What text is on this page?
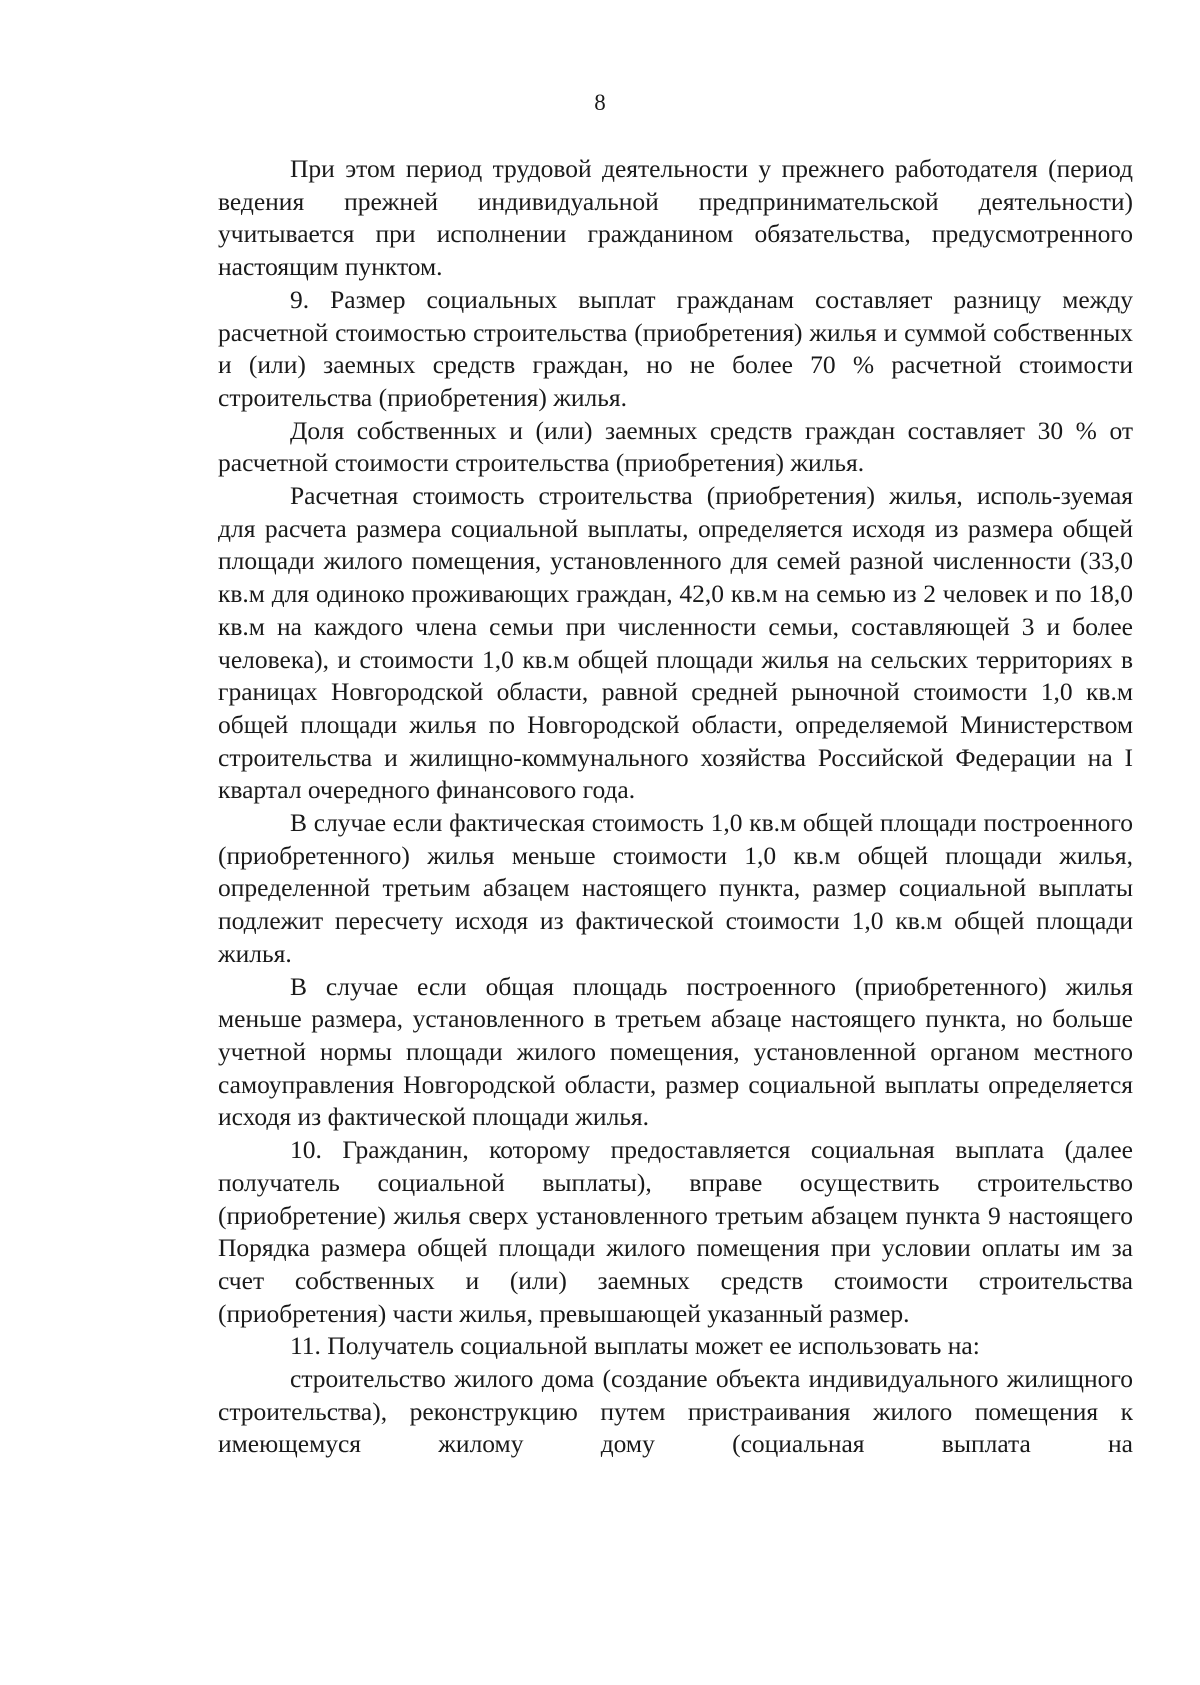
8

При этом период трудовой деятельности у прежнего работодателя (период ведения прежней индивидуальной предпринимательской деятельности) учитывается при исполнении гражданином обязательства, предусмотренного настоящим пунктом.

9. Размер социальных выплат гражданам составляет разницу между расчетной стоимостью строительства (приобретения) жилья и суммой собственных и (или) заемных средств граждан, но не более 70 % расчетной стоимости строительства (приобретения) жилья.

Доля собственных и (или) заемных средств граждан составляет 30 % от расчетной стоимости строительства (приобретения) жилья.

Расчетная стоимость строительства (приобретения) жилья, исполь-зуемая для расчета размера социальной выплаты, определяется исходя из размера общей площади жилого помещения, установленного для семей разной численности (33,0 кв.м для одиноко проживающих граждан, 42,0 кв.м на семью из 2 человек и по 18,0 кв.м на каждого члена семьи при численности семьи, составляющей 3 и более человека), и стоимости 1,0 кв.м общей площади жилья на сельских территориях в границах Новгородской области, равной средней рыночной стоимости 1,0 кв.м общей площади жилья по Новгородской области, определяемой Министерством строительства и жилищно-коммунального хозяйства Российской Федерации на I квартал очередного финансового года.

В случае если фактическая стоимость 1,0 кв.м общей площади построенного (приобретенного) жилья меньше стоимости 1,0 кв.м общей площади жилья, определенной третьим абзацем настоящего пункта, размер социальной выплаты подлежит пересчету исходя из фактической стоимости 1,0 кв.м общей площади жилья.

В случае если общая площадь построенного (приобретенного) жилья меньше размера, установленного в третьем абзаце настоящего пункта, но больше учетной нормы площади жилого помещения, установленной органом местного самоуправления Новгородской области, размер социальной выплаты определяется исходя из фактической площади жилья.

10. Гражданин, которому предоставляется социальная выплата (далее получатель социальной выплаты), вправе осуществить строительство (приобретение) жилья сверх установленного третьим абзацем пункта 9 настоящего Порядка размера общей площади жилого помещения при условии оплаты им за счет собственных и (или) заемных средств стоимости строительства (приобретения) части жилья, превышающей указанный размер.

11. Получатель социальной выплаты может ее использовать на:

строительство жилого дома (создание объекта индивидуального жилищного строительства), реконструкцию путем пристраивания жилого помещения к имеющемуся жилому дому (социальная выплата на
